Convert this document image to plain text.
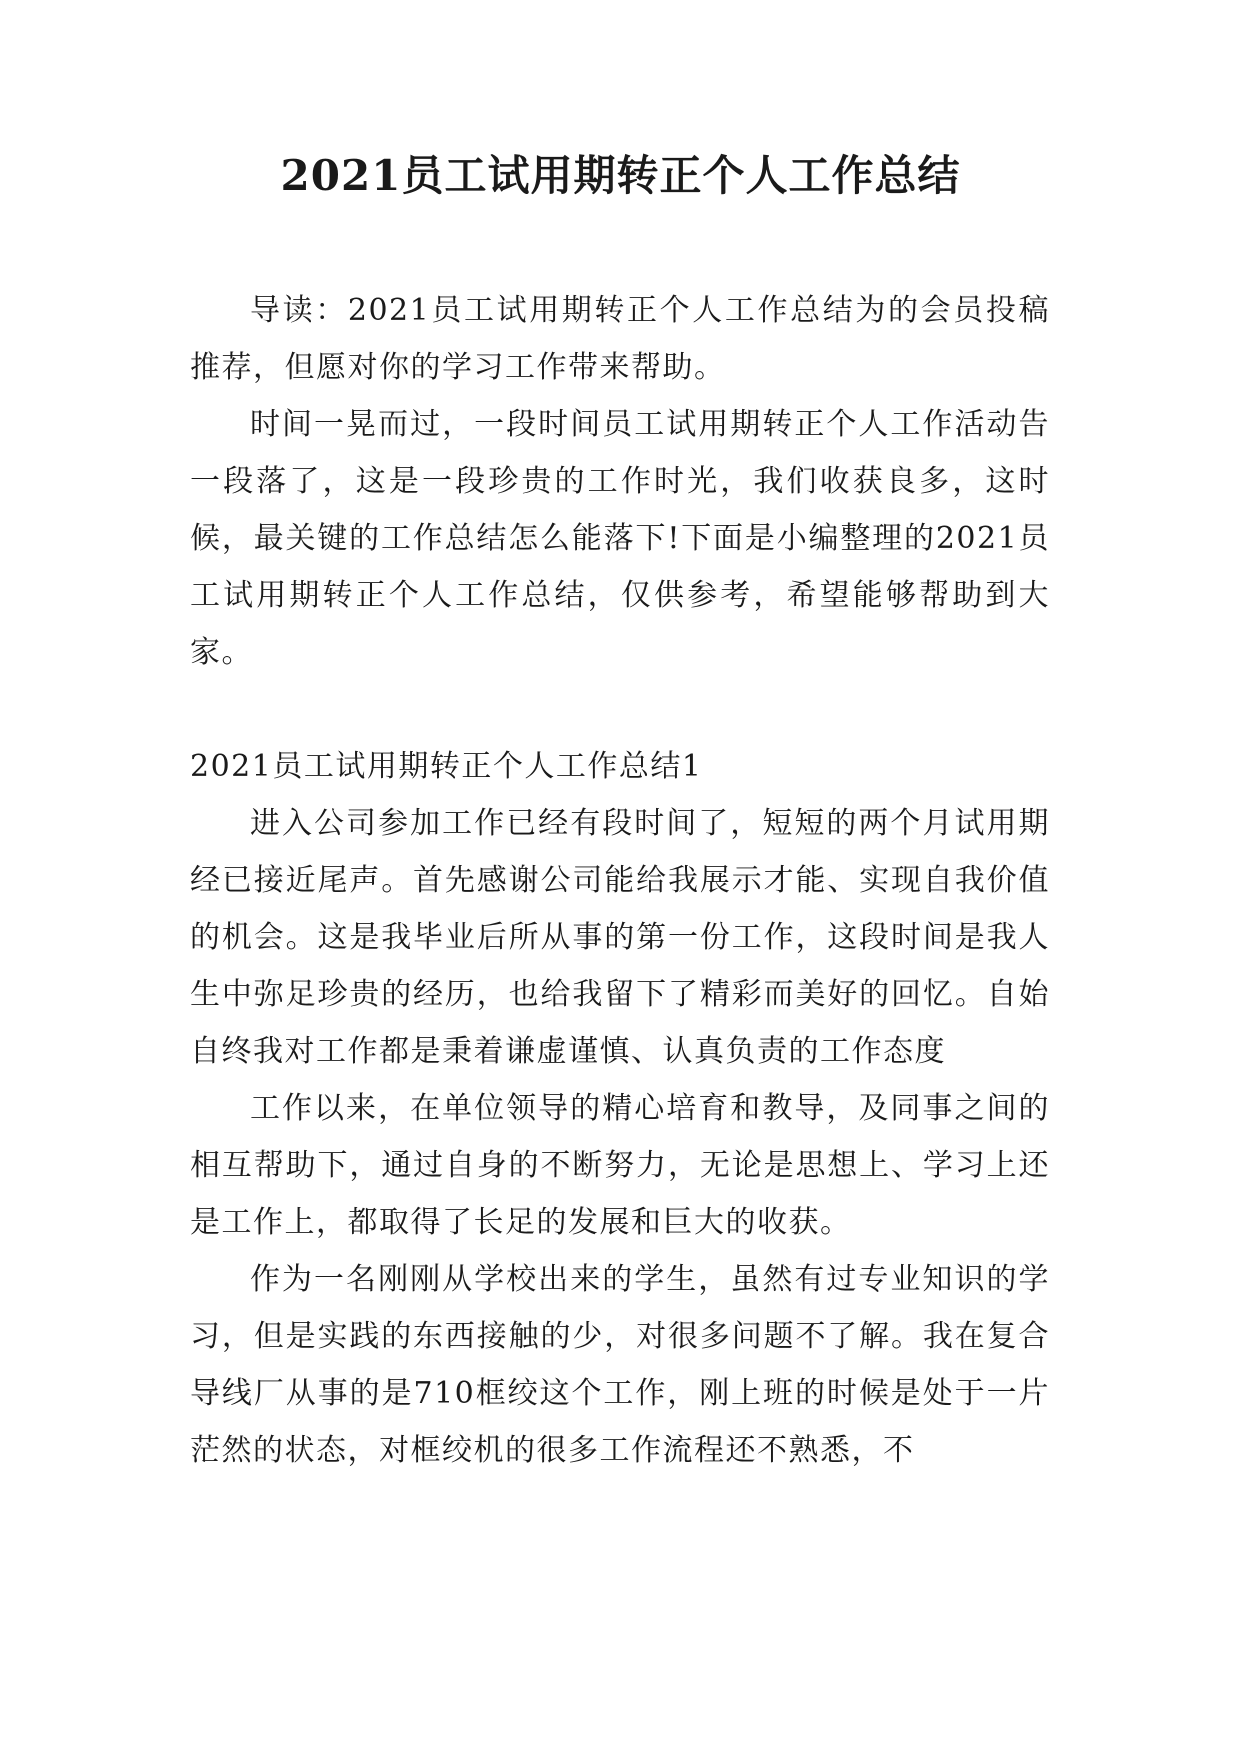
2021员工试用期转正个人工作总结

导读：2021员工试用期转正个人工作总结为的会员投稿推荐，但愿对你的学习工作带来帮助。

时间一晃而过，一段时间员工试用期转正个人工作活动告一段落了，这是一段珍贵的工作时光，我们收获良多，这时候，最关键的工作总结怎么能落下!下面是小编整理的2021员工试用期转正个人工作总结，仅供参考，希望能够帮助到大家。

2021员工试用期转正个人工作总结1

进入公司参加工作已经有段时间了，短短的两个月试用期经已接近尾声。首先感谢公司能给我展示才能、实现自我价值的机会。这是我毕业后所从事的第一份工作，这段时间是我人生中弥足珍贵的经历，也给我留下了精彩而美好的回忆。自始自终我对工作都是秉着谦虚谨慎、认真负责的工作态度

工作以来，在单位领导的精心培育和教导，及同事之间的相互帮助下，通过自身的不断努力，无论是思想上、学习上还是工作上，都取得了长足的发展和巨大的收获。

作为一名刚刚从学校出来的学生，虽然有过专业知识的学习，但是实践的东西接触的少，对很多问题不了解。我在复合导线厂从事的是710框绞这个工作，刚上班的时候是处于一片茫然的状态，对框绞机的很多工作流程还不熟悉，不
